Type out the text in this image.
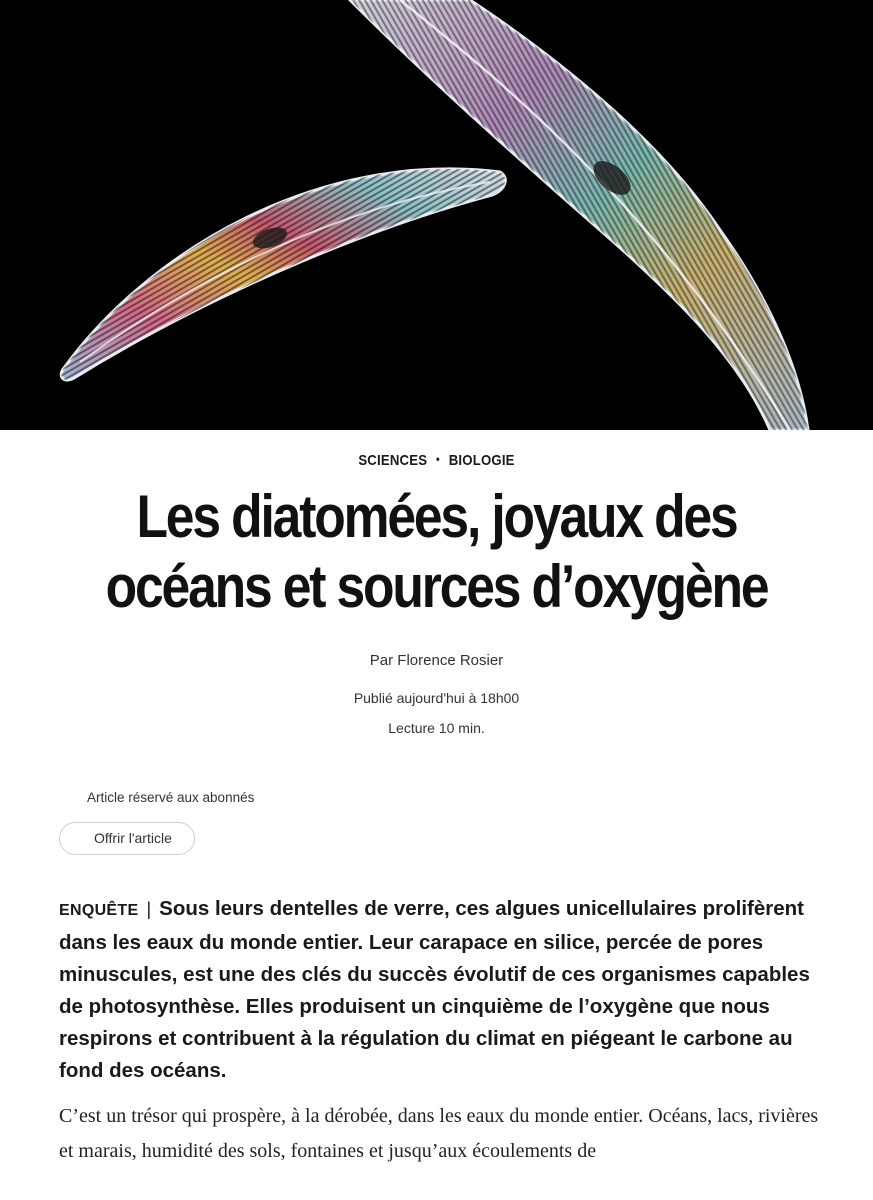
SCIENCES • BIOLOGIE
Les diatomées, joyaux des océans et sources d’oxygène
Par Florence Rosier
Publié aujourd'hui à 18h00
Lecture 10 min.
Article réservé aux abonnés
Offrir l'article

ENQUÊTE | Sous leurs dentelles de verre, ces algues unicellulaires prolifèrent dans les eaux du monde entier. Leur carapace en silice, percée de pores minuscules, est une des clés du succès évolutif de ces organismes capables de photosynthèse. Elles produisent un cinquième de l’oxygène que nous respirons et contribuent à la régulation du climat en piégeant le carbone au fond des océans.

C’est un trésor qui prospère, à la dérobée, dans les eaux du monde entier. Océans, lacs, rivières et marais, humidité des sols, fontaines et jusqu’aux écoulements de
